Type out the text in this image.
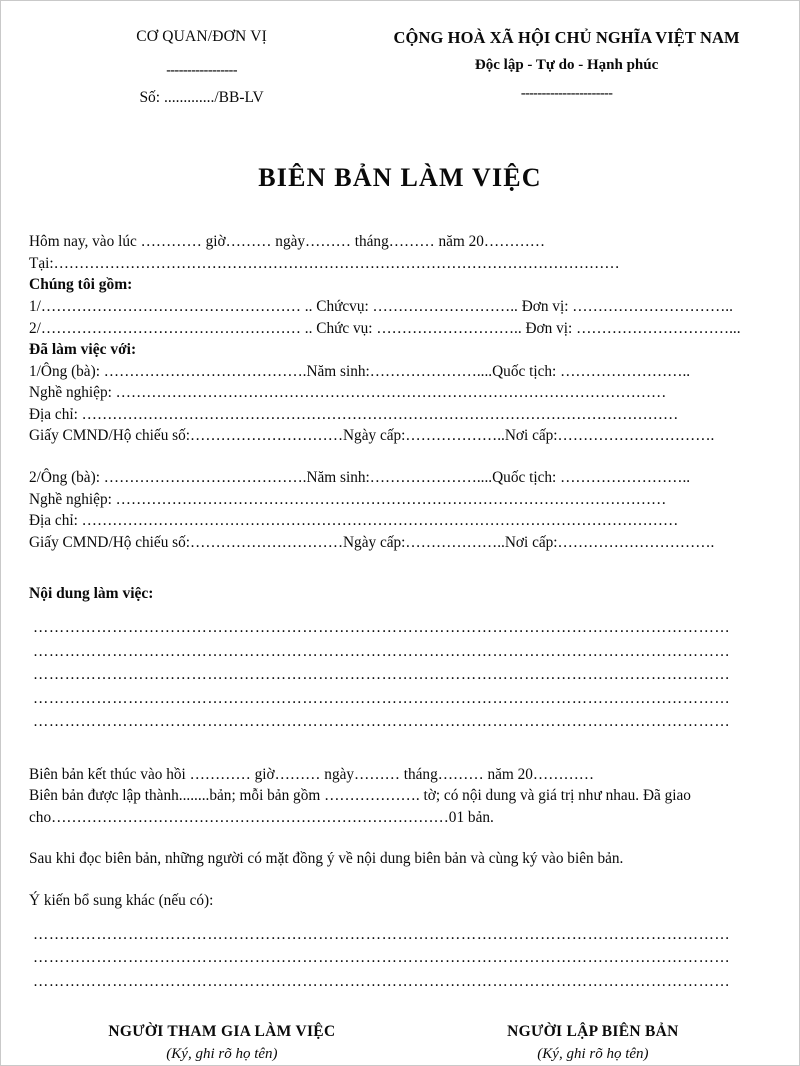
CƠ QUAN/ĐƠN VỊ
-----------------
Số: ............./BB-LV
CỘNG HOÀ XÃ HỘI CHỦ NGHĨA VIỆT NAM
Độc lập - Tự do - Hạnh phúc
----------------------
BIÊN BẢN LÀM VIỆC
Hôm nay, vào lúc ………… giờ……… ngày……… tháng……… năm 20…………
Tại:…………………………………………………………………………………………………
Chúng tôi gồm:
1/…………………………………………… .. Chứcvụ: ……………………….. Đơn vị: …………………………..
2/…………………………………………… .. Chức vụ: ……………………….. Đơn vị: …………………………...
Đã làm việc với:
1/Ông (bà): ………………………………….Năm sinh:…………………....Quốc tịch: ……………………..
Nghề nghiệp: ………………………………………………………………………………………………
Địa chỉ: ………………………………………………………………………………………………………
Giấy CMND/Hộ chiếu số:…………………………Ngày cấp:………………..Nơi cấp:………………………….
2/Ông (bà): ………………………………….Năm sinh:…………………....Quốc tịch: ……………………..
Nghề nghiệp: ………………………………………………………………………………………………
Địa chỉ: ………………………………………………………………………………………………………
Giấy CMND/Hộ chiếu số:…………………………Ngày cấp:………………..Nơi cấp:………………………….
Nội dung làm việc:
……………………………………………………………………………………………………………………
……………………………………………………………………………………………………………………
……………………………………………………………………………………………………………………
……………………………………………………………………………………………………………………
……………………………………………………………………………………………………………………
Biên bản kết thúc vào hồi ………… giờ……… ngày……… tháng……… năm 20…………
Biên bản được lập thành........bản; mỗi bản gồm ………………. tờ; có nội dung và giá trị như nhau. Đã giao
cho……………………………………………………………………01 bản.
Sau khi đọc biên bản, những người có mặt đồng ý về nội dung biên bản và cùng ký vào biên bản.
Ý kiến bổ sung khác (nếu có):
……………………………………………………………………………………………………………………
……………………………………………………………………………………………………………………
……………………………………………………………………………………………………………………
NGƯỜI THAM GIA LÀM VIỆC
(Ký, ghi rõ họ tên)
NGƯỜI LẬP BIÊN BẢN
(Ký, ghi rõ họ tên)
